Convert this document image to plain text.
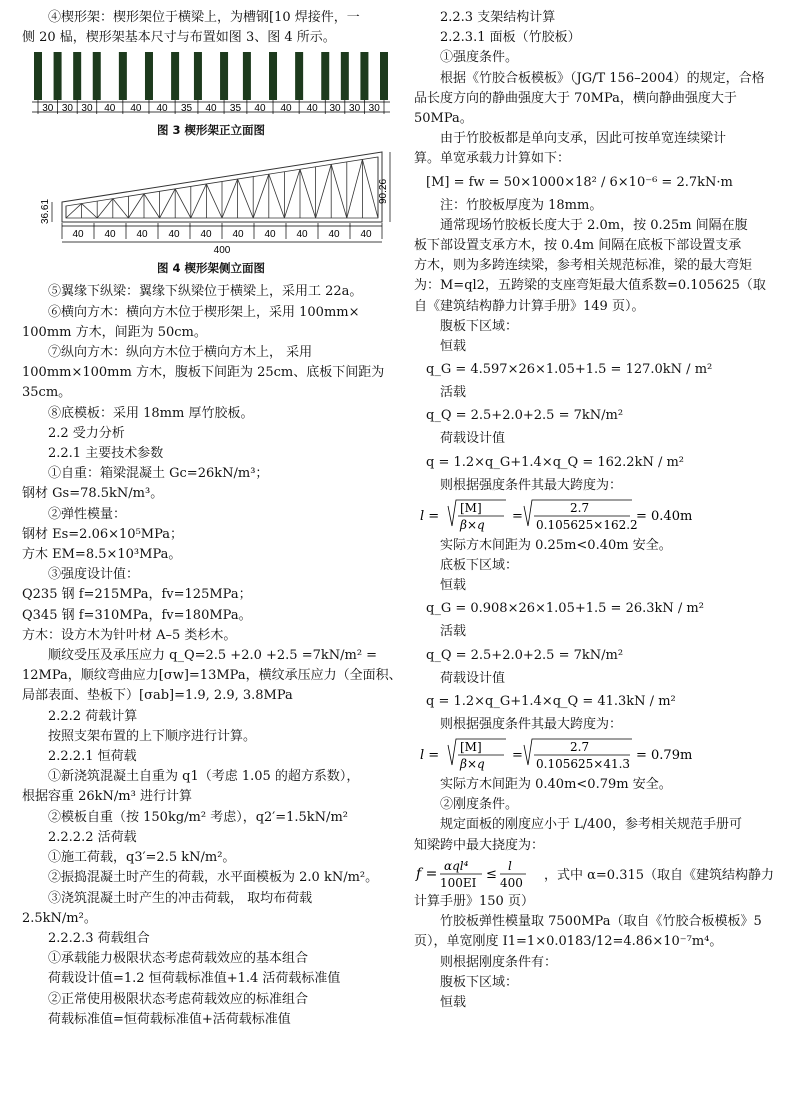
④楔形架：楔形架位于横梁上，为槽钢[10 焊接件，一

侧 20 榀，楔形架基本尺寸与布置如图 3、图 4 所示。

30 30 30 40 40 40 35 40 35 40 40 40 30 30 30
图 3 楔形架正立面图
36.61
90.26
40 40 40 40 40 40 40 40 40 40
400
图 4 楔形架侧立面图

⑤翼缘下纵梁：翼缘下纵梁位于横梁上，采用工 22a。

⑥横向方木：横向方木位于楔形架上，采用 100mm×

100mm 方木，间距为 50cm。

⑦纵向方木：纵向方木位于横向方木上， 采用

100mm×100mm 方木，腹板下间距为 25cm、底板下间距为

35cm。

⑧底模板：采用 18mm 厚竹胶板。

2.2 受力分析

2.2.1 主要技术参数

①自重：箱梁混凝土 Gc=26kN/m³；

钢材 Gs=78.5kN/m³。

②弹性模量：

钢材 Es=2.06×10⁵MPa；

方木 EM=8.5×10³MPa。

③强度设计值：

Q235 钢 f=215MPa，fv=125MPa；

Q345 钢 f=310MPa，fv=180MPa。

方木：设方木为针叶材 A–5 类杉木。

顺纹受压及承压应力 q_Q=2.5 +2.0 +2.5 =7kN/m² =

12MPa，顺纹弯曲应力[σw]=13MPa，横纹承压应力（全面积、

局部表面、垫板下）[σab]=1.9, 2.9, 3.8MPa

2.2.2 荷载计算

按照支架布置的上下顺序进行计算。

2.2.2.1 恒荷载

①新浇筑混凝土自重为 q1（考虑 1.05 的超方系数），

根据容重 26kN/m³ 进行计算

②模板自重（按 150kg/m² 考虑），q2′=1.5kN/m²

2.2.2.2 活荷载

①施工荷载，q3′=2.5 kN/m²。

②振捣混凝土时产生的荷载，水平面模板为 2.0 kN/m²。

③浇筑混凝土时产生的冲击荷载， 取均布荷载

2.5kN/m²。

2.2.2.3 荷载组合

①承载能力极限状态考虑荷载效应的基本组合

荷载设计值=1.2 恒荷载标准值+1.4 活荷载标准值

②正常使用极限状态考虑荷载效应的标准组合

荷载标准值=恒荷载标准值+活荷载标准值

2.2.3 支架结构计算

2.2.3.1 面板（竹胶板）

①强度条件。

根据《竹胶合板模板》（JG/T 156–2004）的规定，合格

品长度方向的静曲强度大于 70MPa，横向静曲强度大于

50MPa。

由于竹胶板都是单向支承，因此可按单宽连续梁计

算。单宽承载力计算如下：

[M] = fw = 50×1000×18² / 6×10⁻⁶ = 2.7kN·m

注：竹胶板厚度为 18mm。

通常现场竹胶板长度大于 2.0m，按 0.25m 间隔在腹

板下部设置支承方木，按 0.4m 间隔在底板下部设置支承

方木，则为多跨连续梁，参考相关规范标准，梁的最大弯矩

为：M=ql2，五跨梁的支座弯矩最大值系数=0.105625（取

自《建筑结构静力计算手册》149 页）。

腹板下区域：

恒载

q_G = 4.597×26×1.05+1.5 = 127.0kN / m²

活载

q_Q = 2.5+2.0+2.5 = 7kN/m²

荷载设计值

q = 1.2×q_G+1.4×q_Q = 162.2kN / m²

则根据强度条件其最大跨度为：

l =
[M]
β×q
=
2.7
0.105625×162.2
= 0.40m

实际方木间距为 0.25m<0.40m 安全。

底板下区域：

恒载

q_G = 0.908×26×1.05+1.5 = 26.3kN / m²

活载

q_Q = 2.5+2.0+2.5 = 7kN/m²

荷载设计值

q = 1.2×q_G+1.4×q_Q = 41.3kN / m²

则根据强度条件其最大跨度为：

l =
[M]
β×q
=
2.7
0.105625×41.3
= 0.79m

实际方木间距为 0.40m<0.79m 安全。

②刚度条件。

规定面板的刚度应小于 L/400，参考相关规范手册可

知梁跨中最大挠度为：

f = αql⁴
100EI
≤
l
400 ，式中 α=0.315（取自《建筑结构静力

计算手册》150 页）

竹胶板弹性模量取 7500MPa（取自《竹胶合板模板》5

页），单宽刚度 I1=1×0.0183/12=4.86×10⁻⁷m⁴。

则根据刚度条件有：

腹板下区域：

恒载
